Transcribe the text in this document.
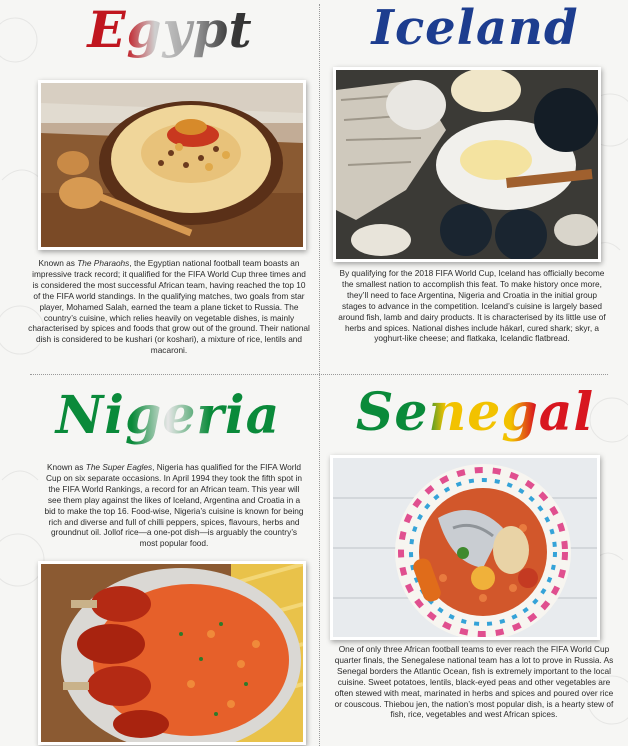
Egypt
Known as The Pharaohs, the Egyptian national football team boasts an impressive track record; it qualified for the FIFA World Cup three times and is considered the most successful African team, having reached the top 10 of the FIFA world standings. In the qualifying matches, two goals from star player, Mohamed Salah, earned the team a plane ticket to Russia. The country’s cuisine, which relies heavily on vegetable dishes, is mainly characterised by spices and foods that grow out of the ground. Their national dish is considered to be kushari (or koshari), a mixture of rice, lentils and macaroni.
Iceland
By qualifying for the 2018 FIFA World Cup, Iceland has officially become the smallest nation to accomplish this feat. To make history once more, they’ll need to face Argentina, Nigeria and Croatia in the initial group stages to advance in the competition. Iceland’s cuisine is largely based around fish, lamb and dairy products. It is characterised by its little use of herbs and spices. National dishes include hákarl, cured shark; skyr, a yoghurt-like cheese; and flatkaka, Icelandic flatbread.
Nigeria
Known as The Super Eagles, Nigeria has qualified for the FIFA World Cup on six separate occasions. In April 1994 they took the fifth spot in the FIFA World Rankings, a record for an African team. This year will see them play against the likes of Iceland, Argentina and Croatia in a bid to make the top 16. Food-wise, Nigeria’s cuisine is known for being rich and diverse and full of chilli peppers, spices, flavours, herbs and groundnut oil. Jollof rice—a one-pot dish—is arguably the country’s most popular food.
Senegal
One of only three African football teams to ever reach the FIFA World Cup quarter finals, the Senegalese national team has a lot to prove in Russia. As Senegal borders the Atlantic Ocean, fish is extremely important to the local cuisine. Sweet potatoes, lentils, black-eyed peas and other vegetables are often stewed with meat, marinated in herbs and spices and poured over rice or couscous. Thiebou jen, the nation’s most popular dish, is a hearty stew of fish, rice, vegetables and west African spices.
